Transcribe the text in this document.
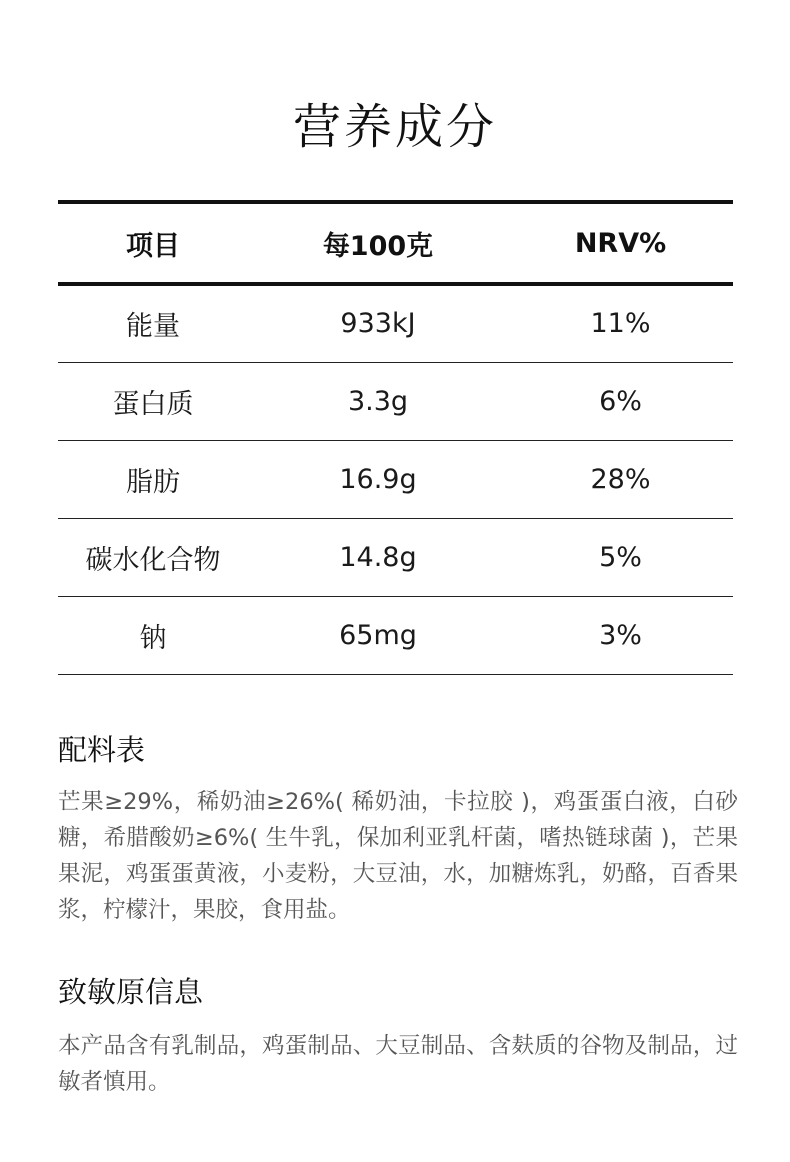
营养成分
项目	每100克	NRV%
能量	933kJ	11%
蛋白质	3.3g	6%
脂肪	16.9g	28%
碳水化合物	14.8g	5%
钠	65mg	3%
配料表

芒果≥29%，稀奶油≥26%( 稀奶油，卡拉胶 )，鸡蛋蛋白液，白砂糖，希腊酸奶≥6%( 生牛乳，保加利亚乳杆菌，嗜热链球菌 )，芒果果泥，鸡蛋蛋黄液，小麦粉，大豆油，水，加糖炼乳，奶酪，百香果浆，柠檬汁，果胶，食用盐。

致敏原信息

本产品含有乳制品，鸡蛋制品、大豆制品、含麸质的谷物及制品，过敏者慎用。
